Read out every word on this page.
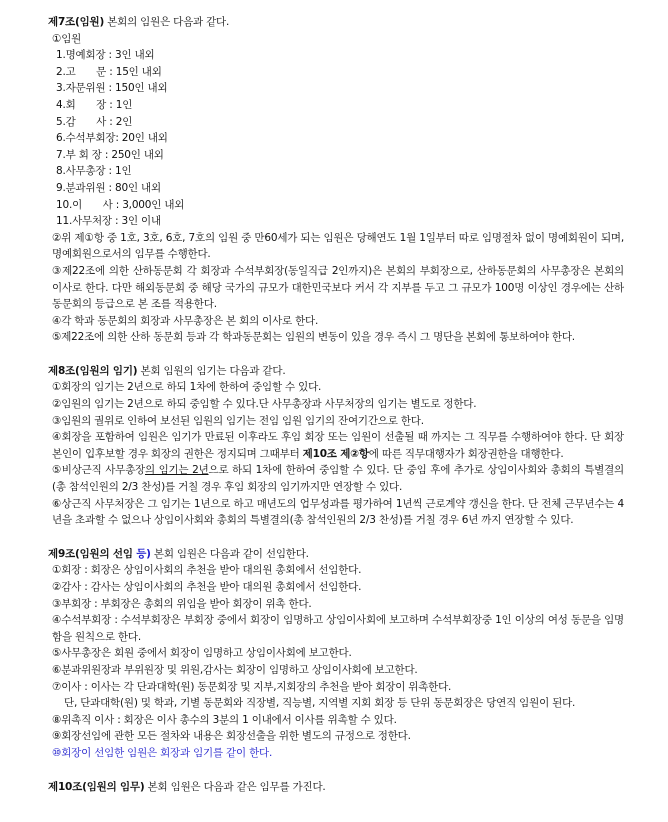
제7조(임원) 본회의 임원은 다음과 같다.
①임원
1.명예회장 : 3인 내외
2.고　　문 : 15인 내외
3.자문위원 : 150인 내외
4.회　　장 : 1인
5.감　　사 : 2인
6.수석부회장: 20인 내외
7.부 회 장 : 250인 내외
8.사무총장 : 1인
9.분과위원 : 80인 내외
10.이　　사 : 3,000인 내외
11.사무처장 : 3인 이내
②위 제①항 중 1호, 3호, 6호, 7호의 임원 중 만60세가 되는 임원은 당해연도 1월 1일부터 따로 임명절차 없이 명예회원이 되며, 명예회원으로서의 임무를 수행한다.
③제22조에 의한 산하동문회 각 회장과 수석부회장(동일직급 2인까지)은 본회의 부회장으로, 산하동문회의 사무총장은 본회의 이사로 한다. 다만 해외동문회 중 해당 국가의 규모가 대한민국보다 커서 각 지부를 두고 그 규모가 100명 이상인 경우에는 산하동문회의 등급으로 본 조를 적용한다.
④각 학과 동문회의 회장과 사무총장은 본 회의 이사로 한다.
⑤제22조에 의한 산하 동문회 등과 각 학과동문회는 임원의 변동이 있을 경우 즉시 그 명단을 본회에 통보하여야 한다.
제8조(임원의 임기) 본회 임원의 임기는 다음과 같다.
①회장의 임기는 2년으로 하되 1차에 한하여 중임할 수 있다.
②임원의 임기는 2년으로 하되 중임할 수 있다.단 사무총장과 사무처장의 임기는 별도로 정한다.
③임원의 궐위로 인하여 보선된 임원의 임기는 전임 임원 임기의 잔여기간으로 한다.
④회장을 포함하여 임원은 임기가 만료된 이후라도 후임 회장 또는 임원이 선출될 때 까지는 그 직무를 수행하여야 한다. 단 회장 본인이 입후보할 경우 회장의 권한은 정지되며 그때부터 제10조 제②항에 따른 직무대행자가 회장권한을 대행한다.
⑤비상근직 사무총장의 임기는 2년으로 하되 1차에 한하여 중임할 수 있다. 단 중임 후에 추가로 상임이사회와 총회의 특별결의(총 참석인원의 2/3 찬성)를 거칠 경우 후임 회장의 임기까지만 연장할 수 있다.
⑥상근직 사무처장은 그 임기는 1년으로 하고 매년도의 업무성과를 평가하여 1년씩 근로계약 갱신을 한다. 단 전체 근무년수는 4년을 초과할 수 없으나 상임이사회와 총회의 특별결의(총 참석인원의 2/3 찬성)를 거칠 경우 6년 까지 연장할 수 있다.
제9조(임원의 선임 등) 본회 임원은 다음과 같이 선임한다.
①회장 : 회장은 상임이사회의 추천을 받아 대의원 총회에서 선임한다.
②감사 : 감사는 상임이사회의 추천을 받아 대의원 총회에서 선임한다.
③부회장 : 부회장은 총회의 위임을 받아 회장이 위촉 한다.
④수석부회장 : 수석부회장은 부회장 중에서 회장이 임명하고 상임이사회에 보고하며 수석부회장중 1인 이상의 여성 동문을 임명함을 원칙으로 한다.
⑤사무총장은 회원 중에서 회장이 임명하고 상임이사회에 보고한다.
⑥분과위원장과 부위원장 및 위원,감사는 회장이 임명하고 상임이사회에 보고한다.
⑦이사 : 이사는 각 단과대학(원) 동문회장 및 지부,지회장의 추천을 받아 회장이 위촉한다.
단, 단과대학(원) 및 학과, 기별 동문회와 직장별, 직능별, 지역별 지회 회장 등 단위 동문회장은 당연직 임원이 된다.
⑧위촉직 이사 : 회장은 이사 총수의 3분의 1 이내에서 이사를 위촉할 수 있다.
⑨회장선임에 관한 모든 절차와 내용은 회장선출을 위한 별도의 규정으로 정한다.
⑩회장이 선임한 임원은 회장과 임기를 같이 한다.
제10조(임원의 임무) 본회 임원은 다음과 같은 임무를 가진다.
